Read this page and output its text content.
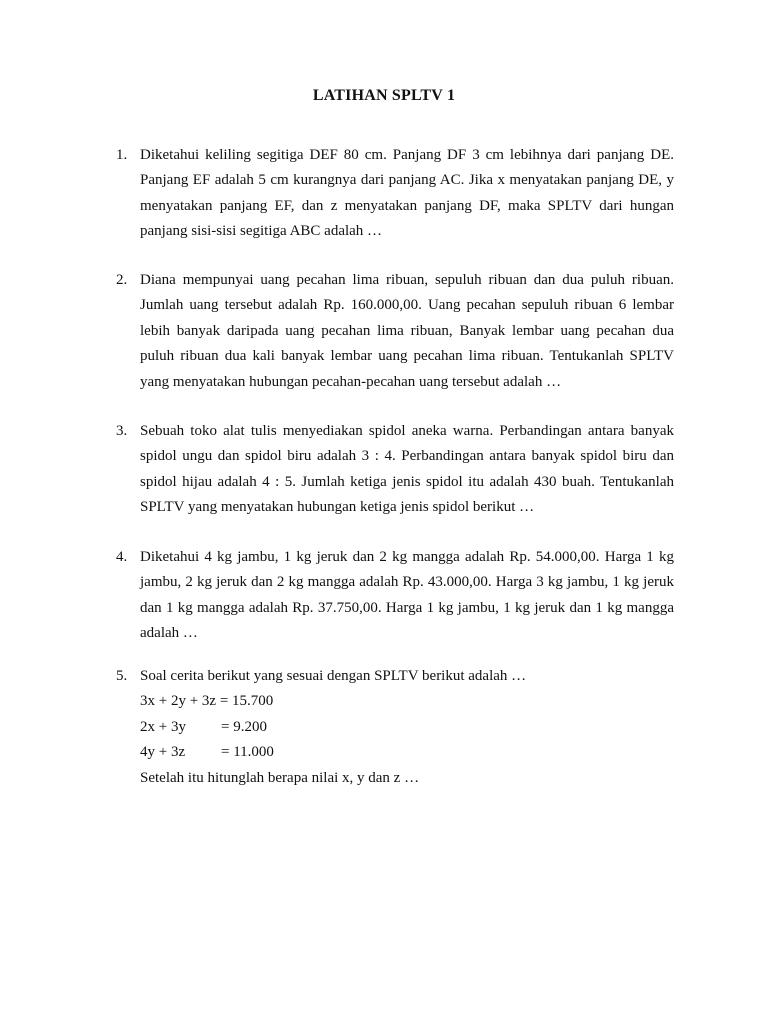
LATIHAN SPLTV 1
1. Diketahui keliling segitiga DEF 80 cm. Panjang DF 3 cm lebihnya dari panjang DE. Panjang EF adalah 5 cm kurangnya dari panjang AC. Jika x menyatakan panjang DE, y menyatakan panjang EF, dan z menyatakan panjang DF, maka SPLTV dari hungan panjang sisi-sisi segitiga ABC adalah …

2. Diana mempunyai uang pecahan lima ribuan, sepuluh ribuan dan dua puluh ribuan. Jumlah uang tersebut adalah Rp. 160.000,00. Uang pecahan sepuluh ribuan 6 lembar lebih banyak daripada uang pecahan lima ribuan, Banyak lembar uang pecahan dua puluh ribuan dua kali banyak lembar uang pecahan lima ribuan. Tentukanlah SPLTV yang menyatakan hubungan pecahan-pecahan uang tersebut adalah …

3. Sebuah toko alat tulis menyediakan spidol aneka warna. Perbandingan antara banyak spidol ungu dan spidol biru adalah 3 : 4. Perbandingan antara banyak spidol biru dan spidol hijau adalah 4 : 5. Jumlah ketiga jenis spidol itu adalah 430 buah. Tentukanlah SPLTV yang menyatakan hubungan ketiga jenis spidol berikut …

4. Diketahui 4 kg jambu, 1 kg jeruk dan 2 kg mangga adalah Rp. 54.000,00. Harga 1 kg jambu, 2 kg jeruk dan 2 kg mangga adalah Rp. 43.000,00. Harga 3 kg jambu, 1 kg jeruk dan 1 kg mangga adalah Rp. 37.750,00. Harga 1 kg jambu, 1 kg jeruk dan 1 kg mangga adalah …

5. Soal cerita berikut yang sesuai dengan SPLTV berikut adalah …

3x + 2y + 3z = 15.700
2x + 3y	= 9.200
4y + 3z	= 11.000

Setelah itu hitunglah berapa nilai x, y dan z …
